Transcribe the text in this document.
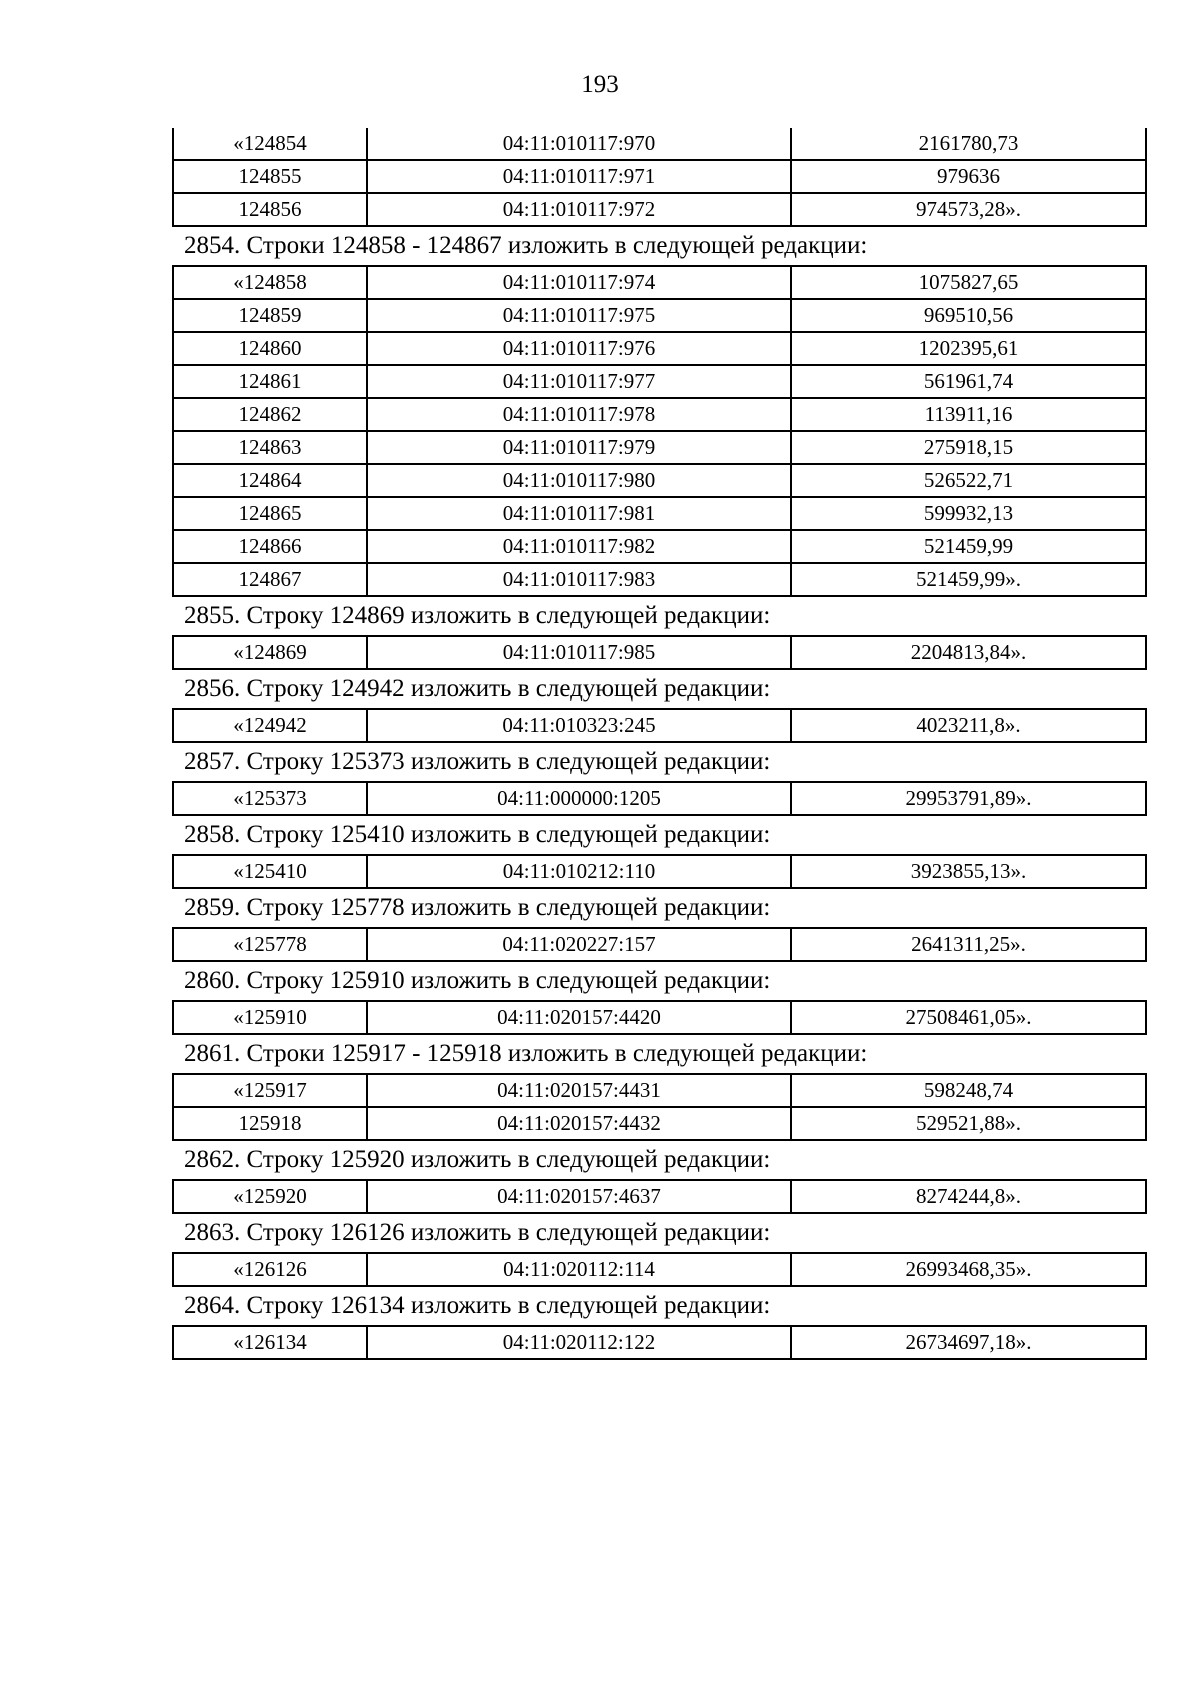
193
«124854	04:11:010117:970	2161780,73
124855	04:11:010117:971	979636
124856	04:11:010117:972	974573,28».
2854. Строки 124858 - 124867 изложить в следующей редакции:
«124858	04:11:010117:974	1075827,65
124859	04:11:010117:975	969510,56
124860	04:11:010117:976	1202395,61
124861	04:11:010117:977	561961,74
124862	04:11:010117:978	113911,16
124863	04:11:010117:979	275918,15
124864	04:11:010117:980	526522,71
124865	04:11:010117:981	599932,13
124866	04:11:010117:982	521459,99
124867	04:11:010117:983	521459,99».
2855. Строку 124869 изложить в следующей редакции:
«124869	04:11:010117:985	2204813,84».
2856. Строку 124942 изложить в следующей редакции:
«124942	04:11:010323:245	4023211,8».
2857. Строку 125373 изложить в следующей редакции:
«125373	04:11:000000:1205	29953791,89».
2858. Строку 125410 изложить в следующей редакции:
«125410	04:11:010212:110	3923855,13».
2859. Строку 125778 изложить в следующей редакции:
«125778	04:11:020227:157	2641311,25».
2860. Строку 125910 изложить в следующей редакции:
«125910	04:11:020157:4420	27508461,05».
2861. Строки 125917 - 125918 изложить в следующей редакции:
«125917	04:11:020157:4431	598248,74
125918	04:11:020157:4432	529521,88».
2862. Строку 125920 изложить в следующей редакции:
«125920	04:11:020157:4637	8274244,8».
2863. Строку 126126 изложить в следующей редакции:
«126126	04:11:020112:114	26993468,35».
2864. Строку 126134 изложить в следующей редакции:
«126134	04:11:020112:122	26734697,18».
